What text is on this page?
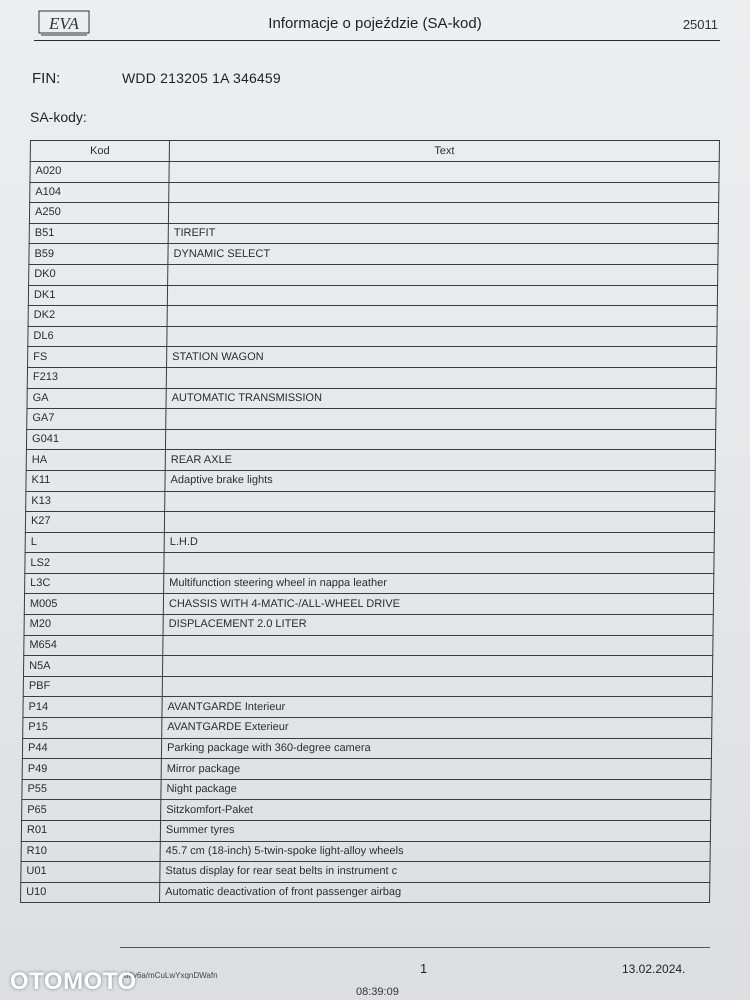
EVA	Informacje o pojeździe (SA-kod)	25011
FIN:	WDD 213205 1A 346459
SA-kody:
Kod	Text
A020	
A104	
A250	
B51	TIREFIT
B59	DYNAMIC SELECT
DK0	
DK1	
DK2	
DL6	
FS	STATION WAGON
F213	
GA	AUTOMATIC TRANSMISSION
GA7	
G041	
HA	REAR AXLE
K11	Adaptive brake lights
K13	
K27	
L	L.H.D
LS2	
L3C	Multifunction steering wheel in nappa leather
M005	CHASSIS WITH 4-MATIC-/ALL-WHEEL DRIVE
M20	DISPLACEMENT 2.0 LITER
M654	
N5A	
PBF	
P14	AVANTGARDE Interieur
P15	AVANTGARDE Exterieur
P44	Parking package with 360-degree camera
P49	Mirror package
P55	Night package
P65	Sitzkomfort-Paket
R01	Summer tyres
R10	45.7 cm (18-inch) 5-twin-spoke light-alloy wheels
U01	Status display for rear seat belts in instrument c
U10	Automatic deactivation of front passenger airbag
08y6a/mCuLwYxqnDWafn	1	13.02.2024.
08:39:09
OTOMOTO
